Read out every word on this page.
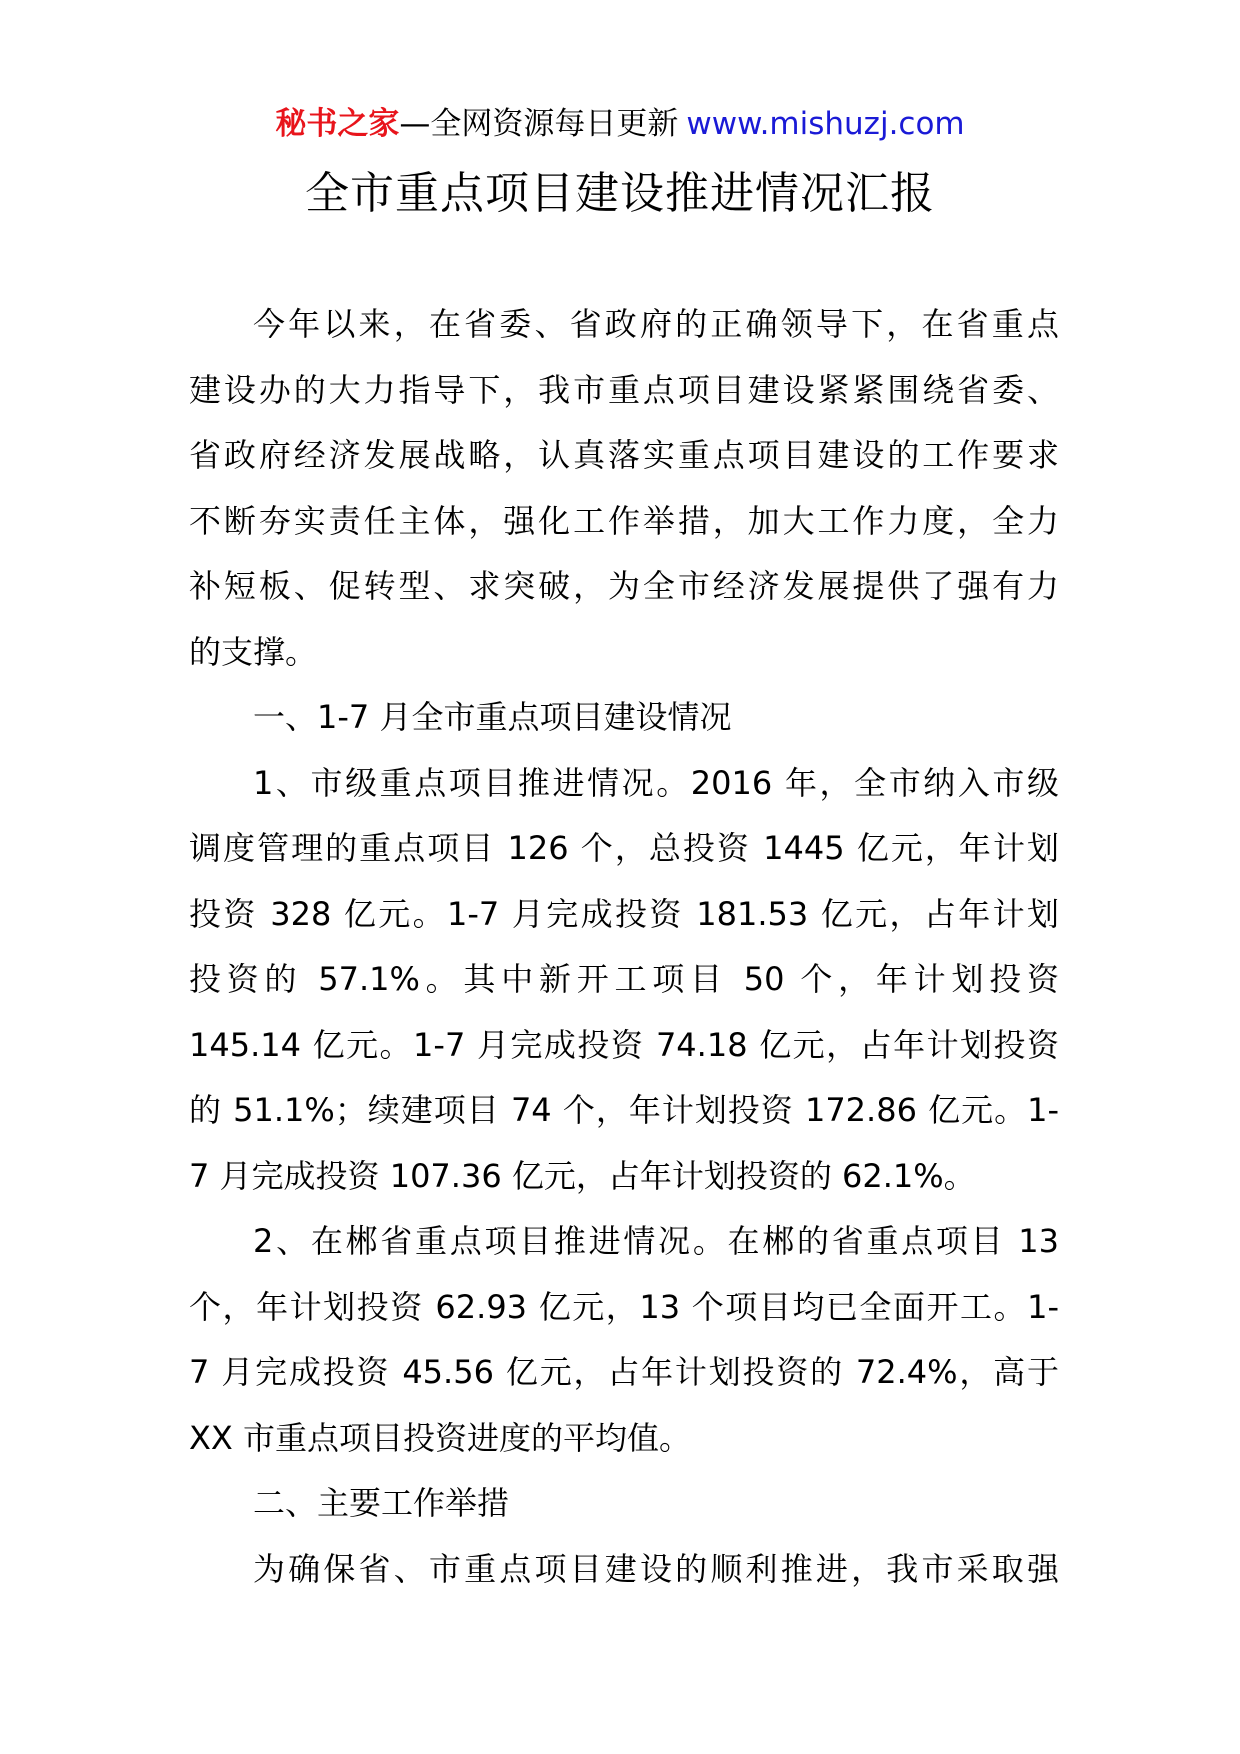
秘书之家—全网资源每日更新 www.mishuzj.com
全市重点项目建设推进情况汇报
今年以来，在省委、省政府的正确领导下，在省重点
建设办的大力指导下，我市重点项目建设紧紧围绕省委、
省政府经济发展战略，认真落实重点项目建设的工作要求
不断夯实责任主体，强化工作举措，加大工作力度，全力
补短板、促转型、求突破，为全市经济发展提供了强有力
的支撑。
一、1-7 月全市重点项目建设情况
1、市级重点项目推进情况。2016 年，全市纳入市级
调度管理的重点项目 126 个，总投资 1445 亿元，年计划
投资 328 亿元。1-7 月完成投资 181.53 亿元，占年计划
投资的 57.1%。其中新开工项目 50 个，年计划投资
145.14 亿元。1-7 月完成投资 74.18 亿元，占年计划投资
的 51.1%；续建项目 74 个，年计划投资 172.86 亿元。1-
7 月完成投资 107.36 亿元，占年计划投资的 62.1%。
2、在郴省重点项目推进情况。在郴的省重点项目 13
个，年计划投资 62.93 亿元，13 个项目均已全面开工。1-
7 月完成投资 45.56 亿元，占年计划投资的 72.4%，高于
XX 市重点项目投资进度的平均值。
二、主要工作举措
为确保省、市重点项目建设的顺利推进，我市采取强
